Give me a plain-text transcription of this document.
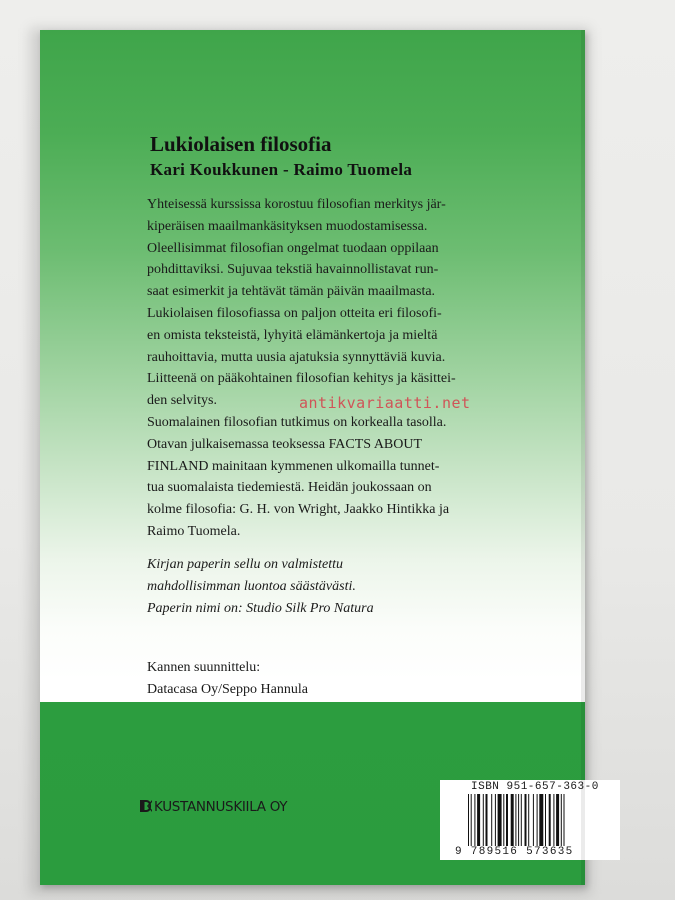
Lukiolaisen filosofia
Kari Koukkunen - Raimo Tuomela
Yhteisessä kurssissa korostuu filosofian merkitys jär-
kiperäisen maailmankäsityksen muodostamisessa.
Oleellisimmat filosofian ongelmat tuodaan oppilaan
pohdittaviksi. Sujuvaa tekstiä havainnollistavat run-
saat esimerkit ja tehtävät tämän päivän maailmasta.
Lukiolaisen filosofiassa on paljon otteita eri filosofi-
en omista teksteistä, lyhyitä elämänkertoja ja mieltä
rauhoittavia, mutta uusia ajatuksia synnyttäviä kuvia.
Liitteenä on pääkohtainen filosofian kehitys ja käsittei-
den selvitys.
Suomalainen filosofian tutkimus on korkealla tasolla.
Otavan julkaisemassa teoksessa FACTS ABOUT
FINLAND mainitaan kymmenen ulkomailla tunnet-
tua suomalaista tiedemiestä. Heidän joukossaan on
kolme filosofia: G. H. von Wright, Jaakko Hintikka ja
Raimo Tuomela.
Kirjan paperin sellu on valmistettu
mahdollisimman luontoa säästävästi.
Paperin nimi on: Studio Silk Pro Natura
Kannen suunnittelu:
Datacasa Oy/Seppo Hannula

KUSTANNUSKIILA OY

ISBN 951-657-363-0

9 789516 573635

antikvariaatti.net
